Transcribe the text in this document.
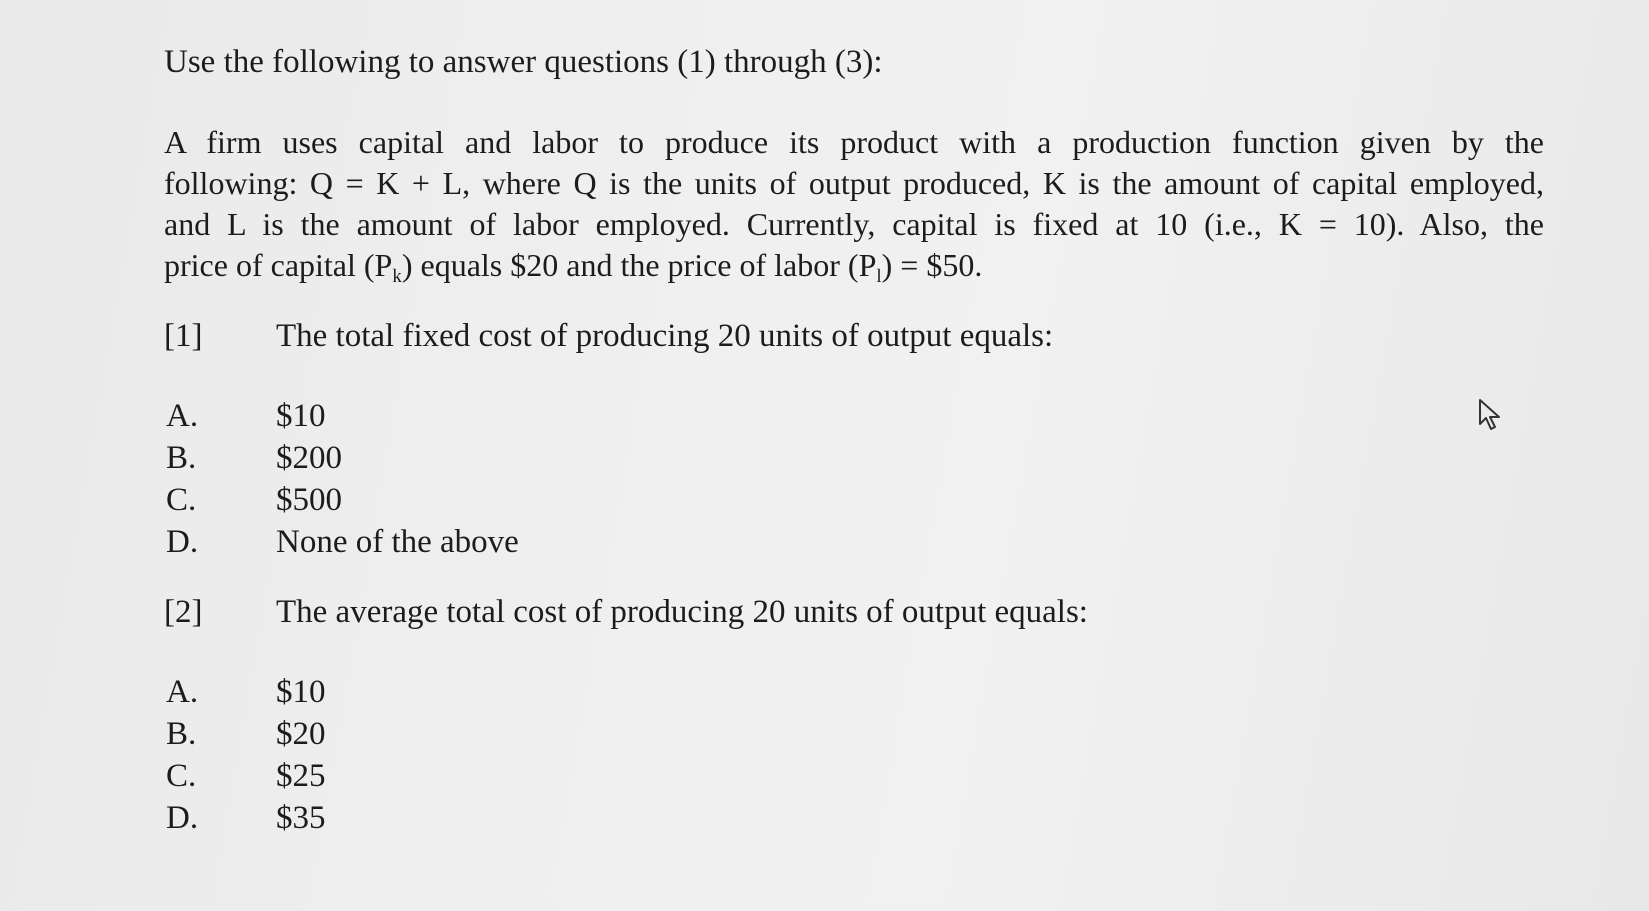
Use the following to answer questions (1) through (3):
A firm uses capital and labor to produce its product with a production function given by the
following: Q = K + L, where Q is the units of output produced, K is the amount of capital employed,
and L is the amount of labor employed. Currently, capital is fixed at 10 (i.e., K = 10). Also, the
price of capital $(P_k)$ equals $20 and the price of labor $(P_l)$ = $50.
[1] The total fixed cost of producing 20 units of output equals:
A. $10
B. $200
C. $500
D. None of the above
[2] The average total cost of producing 20 units of output equals:
A. $10
B. $20
C. $25
D. $35
